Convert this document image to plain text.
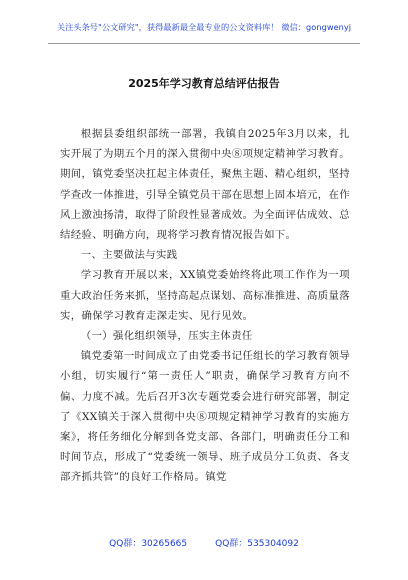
关注头条号"公文研究"，获得最新最全最专业的公文资料库！ 微信：gongwenyj
2025年学习教育总结评估报告

根据县委组织部统一部署，我镇自2025年3月以来，扎实开展了为期五个月的深入贯彻中央⑧项规定精神学习教育。期间，镇党委坚决扛起主体责任，聚焦主题、精心组织，坚持学查改一体推进，引导全镇党员干部在思想上固本培元，在作风上激浊扬清，取得了阶段性显著成效。为全面评估成效、总结经验、明确方向，现将学习教育情况报告如下。

一、主要做法与实践

学习教育开展以来，XX镇党委始终将此项工作作为一项重大政治任务来抓，坚持高起点谋划、高标准推进、高质量落实，确保学习教育走深走实、见行见效。

（一）强化组织领导，压实主体责任

镇党委第一时间成立了由党委书记任组长的学习教育领导小组，切实履行“第一责任人”职责，确保学习教育方向不偏、力度不减。先后召开3次专题党委会进行研究部署，制定了《XX镇关于深入贯彻中央⑧项规定精神学习教育的实施方案》，将任务细化分解到各党支部、各部门，明确责任分工和时间节点，形成了“党委统一领导、班子成员分工负责、各支部齐抓共管”的良好工作格局。镇党

QQ群：30265665	QQ群：535304092
